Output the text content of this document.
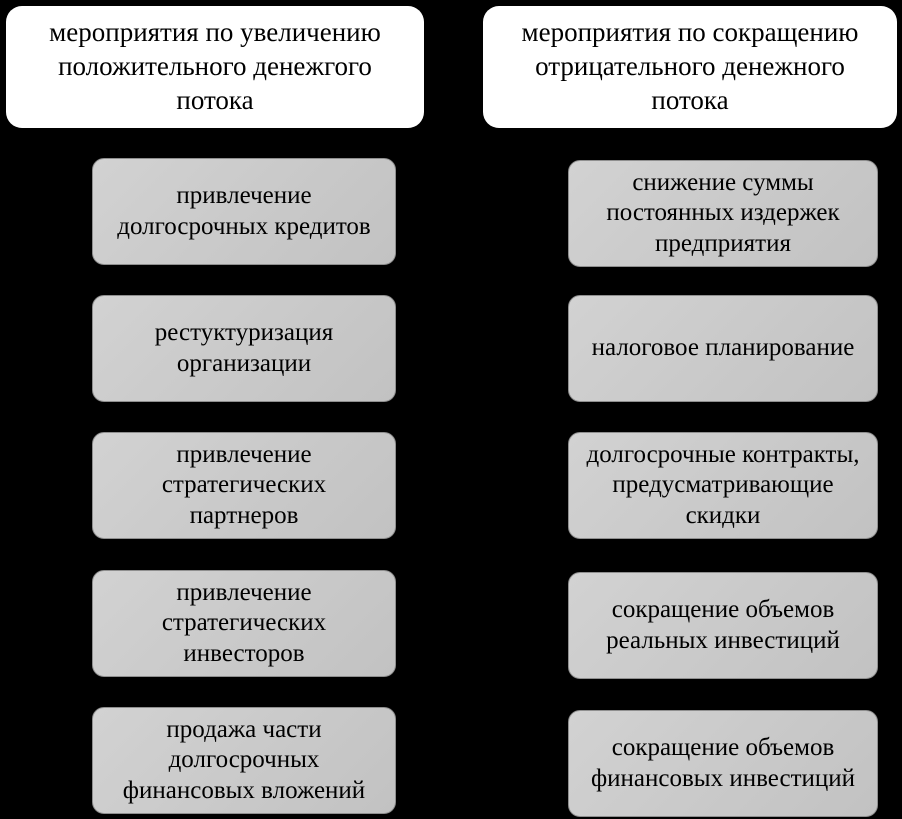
мероприятия по увеличению положительного денежгого потока
мероприятия по сокращению отрицательного денежного потока
привлечение долгосрочных кредитов
рестуктуризация организации
привлечение стратегических партнеров
привлечение стратегических инвесторов
продажа части долгосрочных финансовых вложений
снижение суммы постоянных издержек предприятия
налоговое планирование
долгосрочные контракты, предусматривающие скидки
сокращение объемов реальных инвестиций
сокращение объемов финансовых инвестиций
